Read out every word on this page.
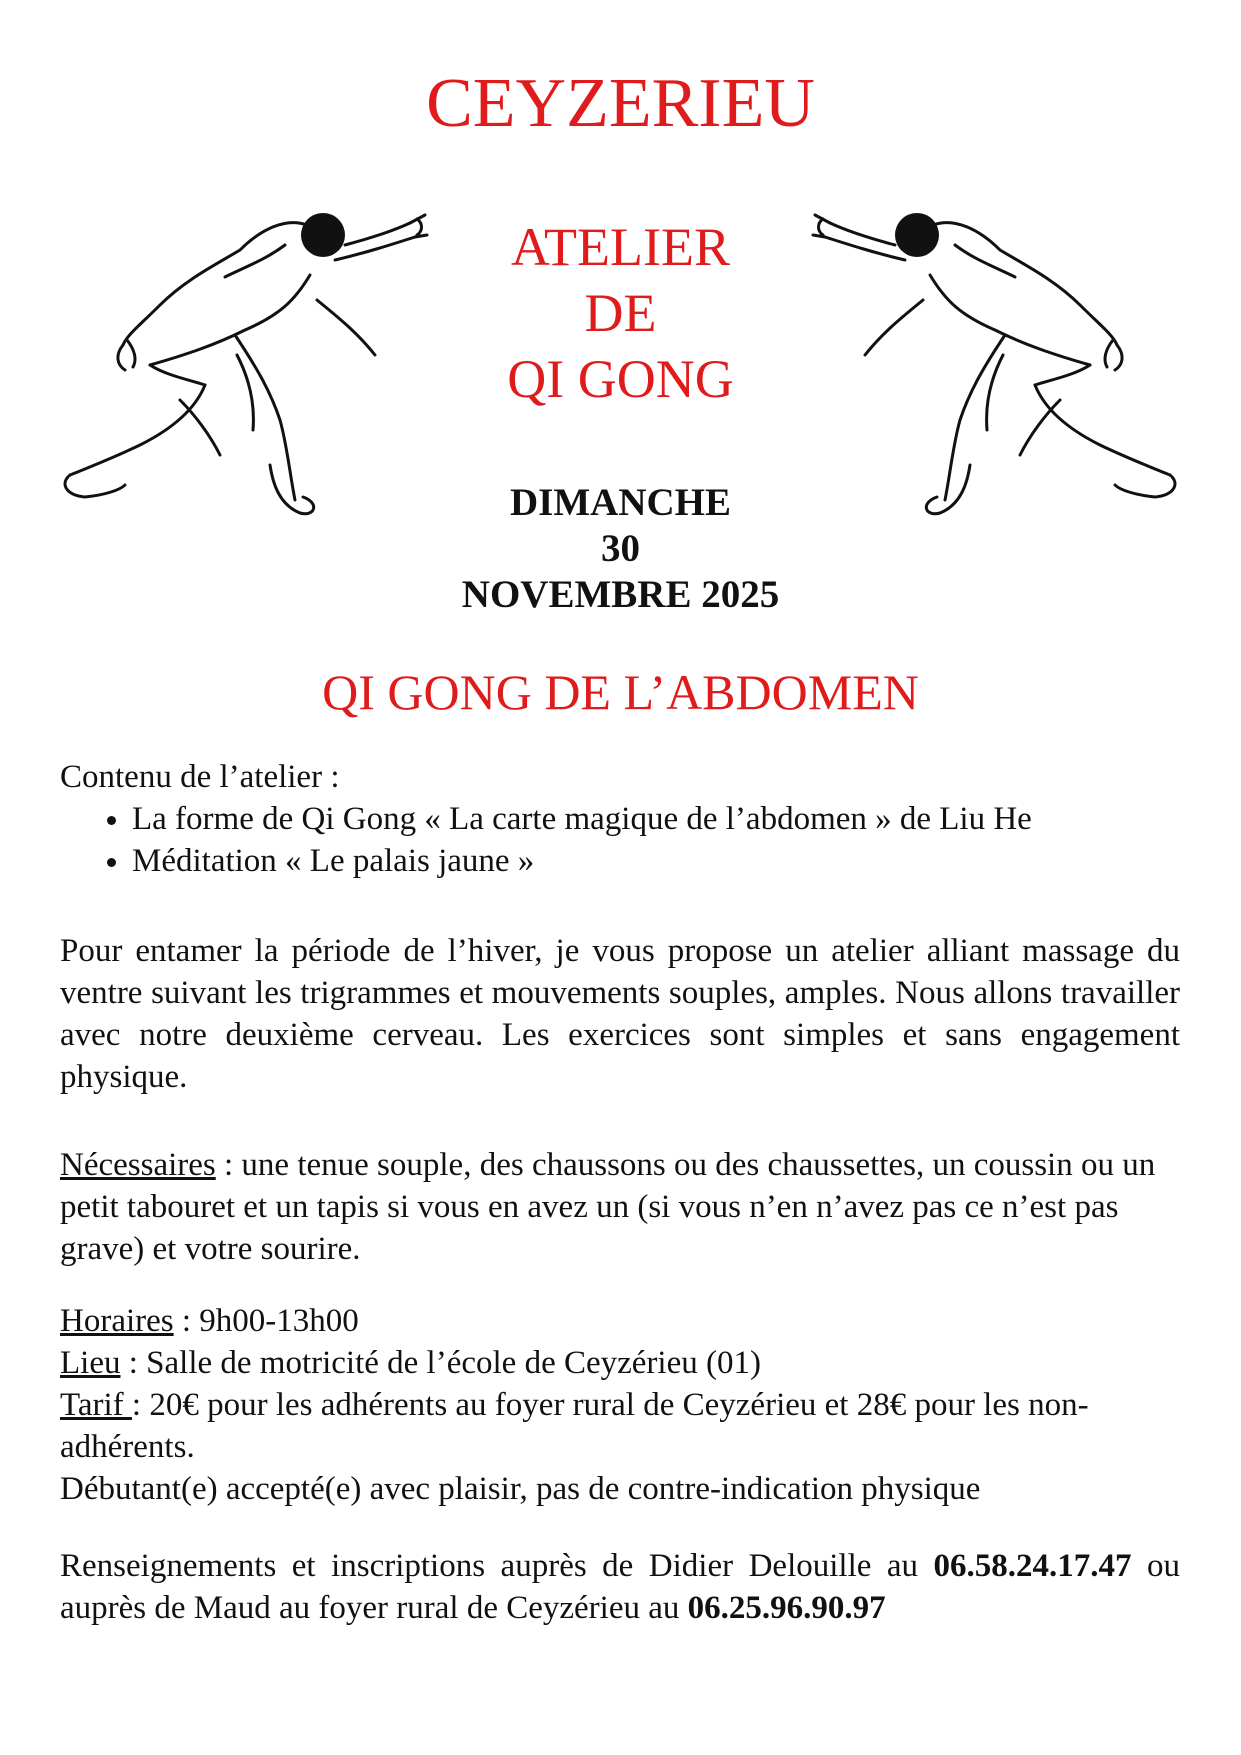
CEYZERIEU
ATELIER
DE
QI GONG
DIMANCHE
30
NOVEMBRE 2025
QI GONG DE L’ABDOMEN
Contenu de l’atelier :
• La forme de Qi Gong « La carte magique de l’abdomen » de Liu He
• Méditation « Le palais jaune »
Pour entamer la période de l’hiver, je vous propose un atelier alliant massage du ventre suivant les trigrammes et mouvements souples, amples. Nous allons travailler avec notre deuxième cerveau. Les exercices sont simples et sans engagement physique.
Nécessaires : une tenue souple, des chaussons ou des chaussettes, un coussin ou un petit tabouret et un tapis si vous en avez un (si vous n’en n’avez pas ce n’est pas grave) et votre sourire.
Horaires : 9h00-13h00
Lieu : Salle de motricité de l’école de Ceyzérieu (01)
Tarif : 20€ pour les adhérents au foyer rural de Ceyzérieu et 28€ pour les non-adhérents.
Débutant(e) accepté(e) avec plaisir, pas de contre-indication physique
Renseignements et inscriptions auprès de Didier Delouille au 06.58.24.17.47 ou auprès de Maud au foyer rural de Ceyzérieu au 06.25.96.90.97
